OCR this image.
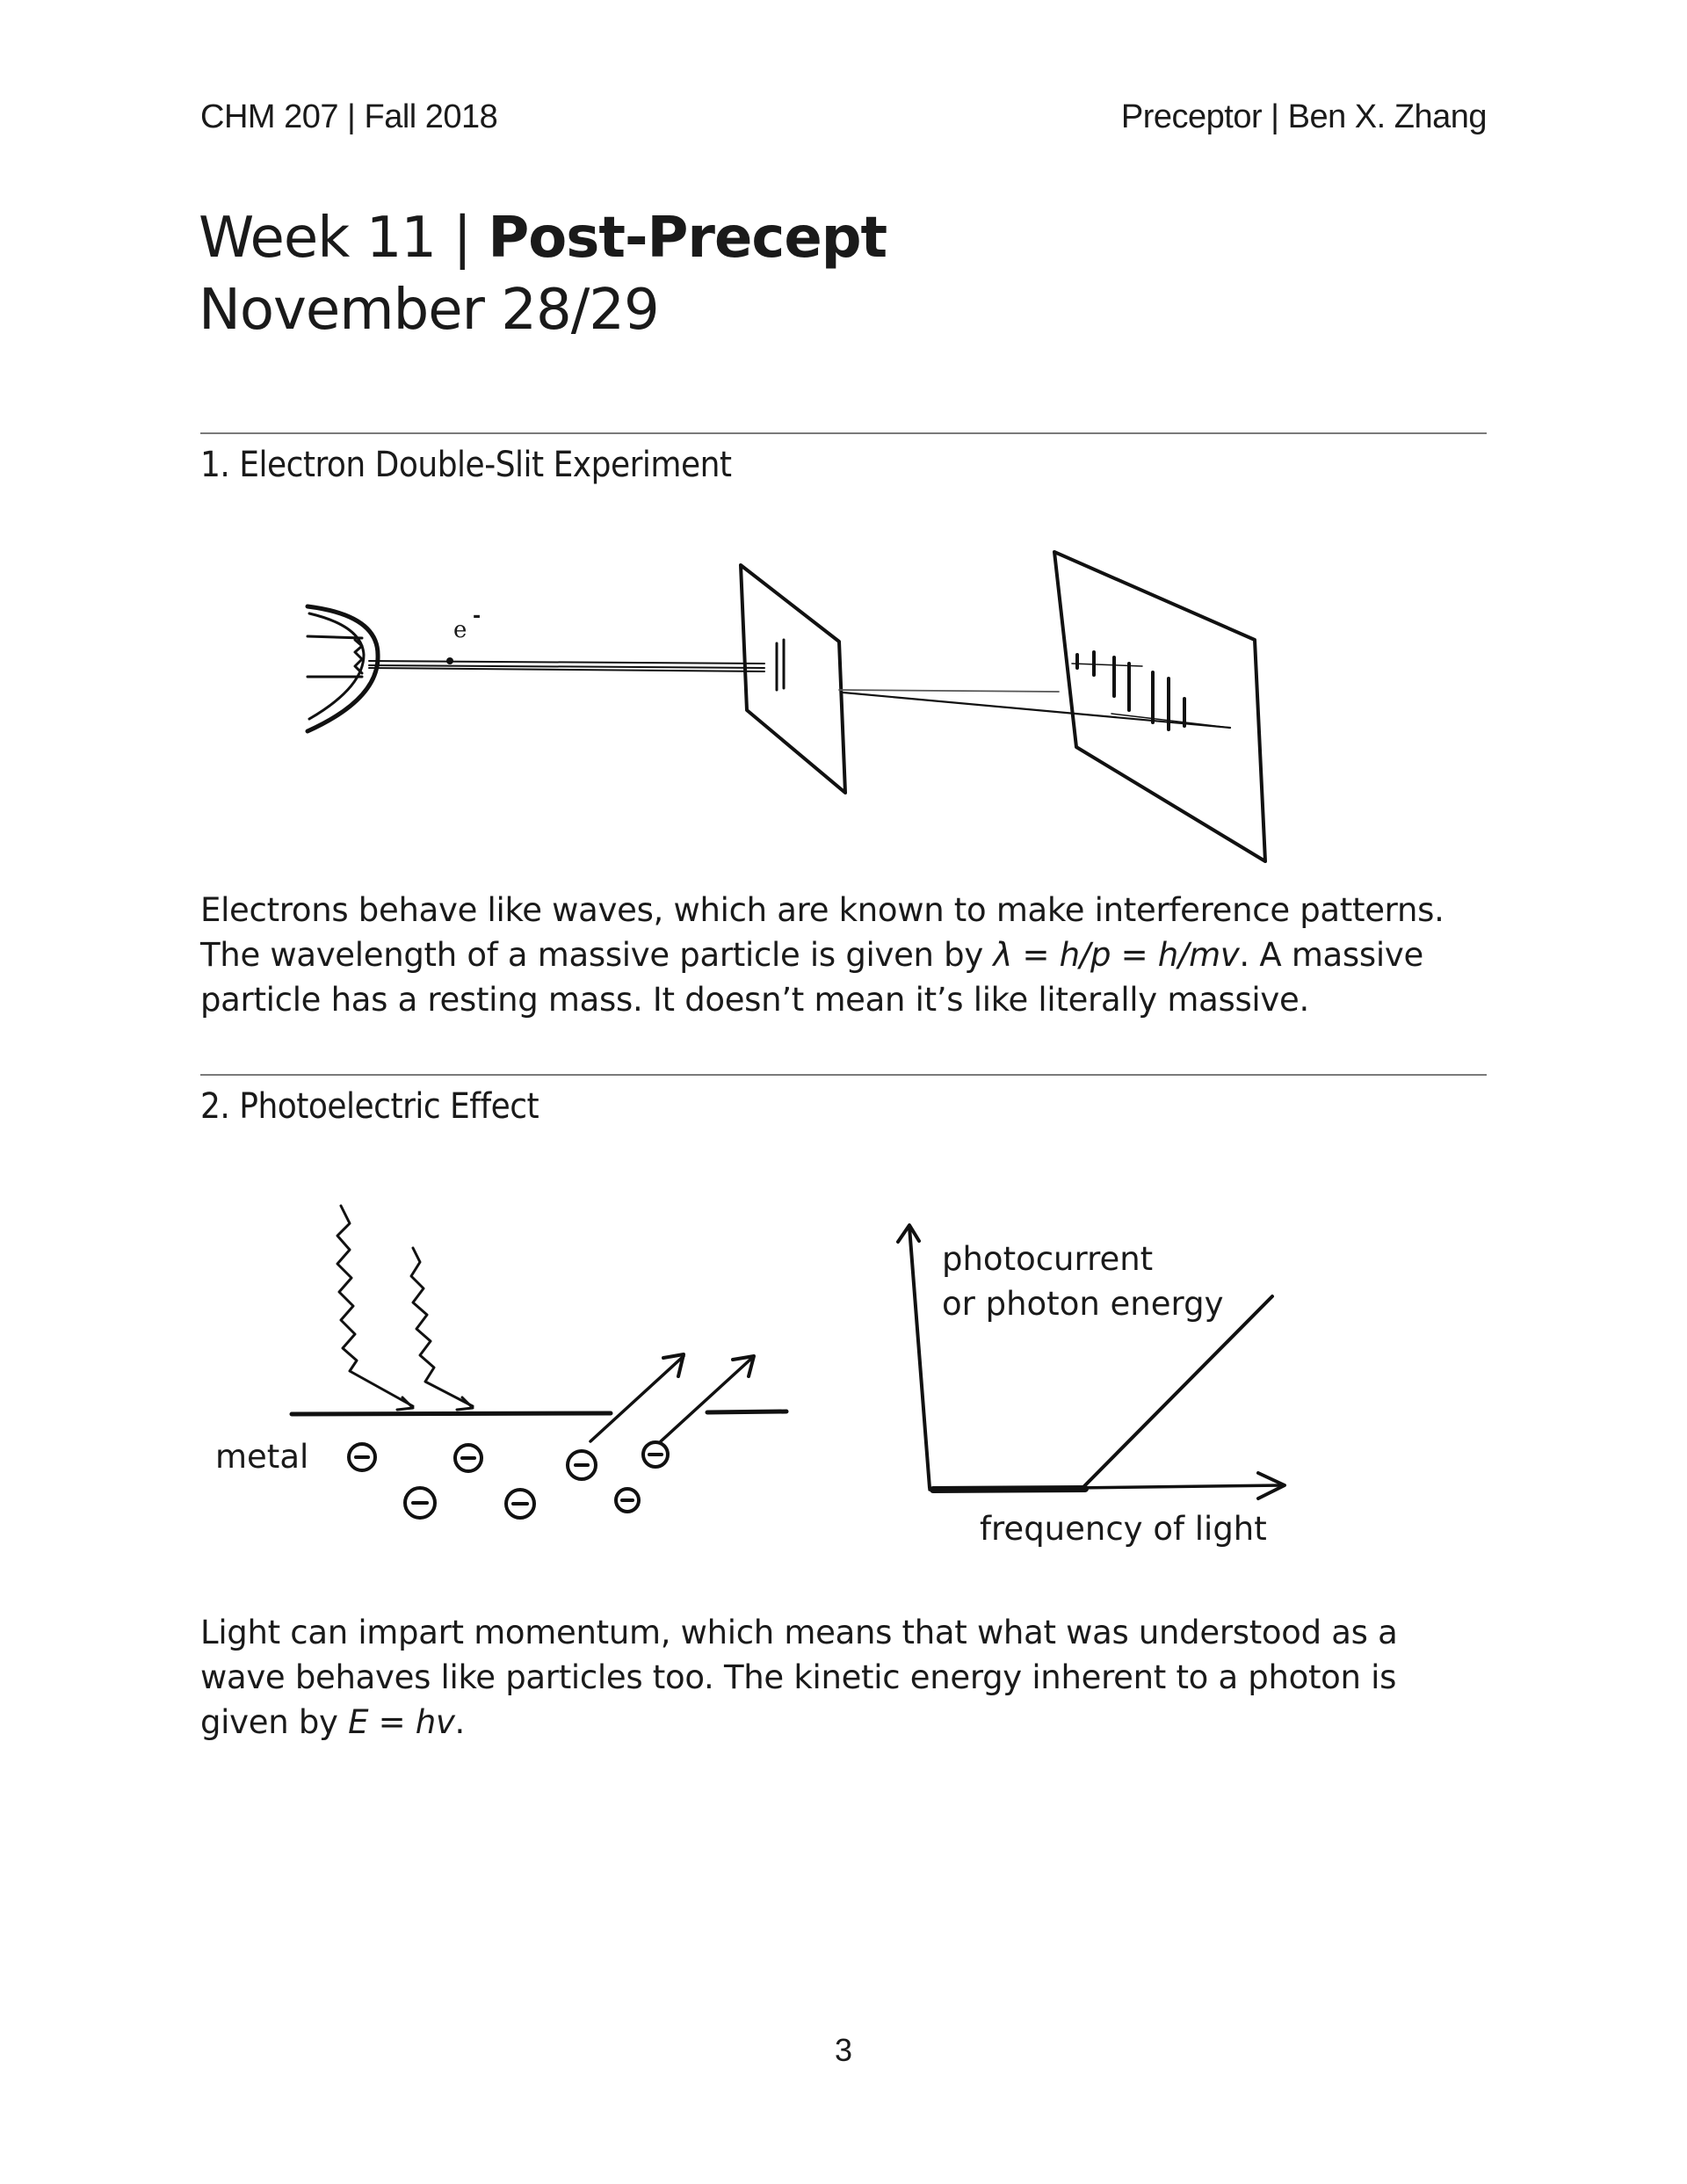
CHM 207 | Fall 2018	Preceptor | Ben X. Zhang
Week 11 | Post-Precept
November 28/29
1. Electron Double-Slit Experiment
e
-
Electrons behave like waves, which are known to make interference patterns. The wavelength of a massive particle is given by λ = h/p = h/mv. A massive particle has a resting mass. It doesn’t mean it’s like literally massive.
2. Photoelectric Effect
metal
photocurrent
or photon energy
frequency of light
Light can impart momentum, which means that what was understood as a wave behaves like particles too. The kinetic energy inherent to a photon is given by E = hv.
3
